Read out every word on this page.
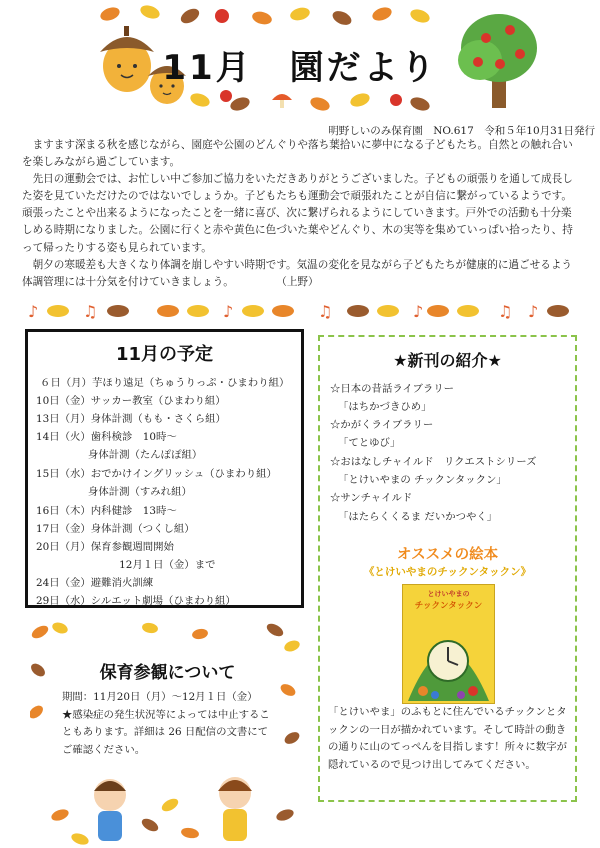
11月　園だより
明野しいのみ保育園　NO.617　令和５年10月31日発行

ますます深まる秋を感じながら、園庭や公園のどんぐりや落ち葉拾いに夢中になる子どもたち。自然との触れ合いを楽しみながら過ごしています。

先日の運動会では、お忙しい中ご参加ご協力をいただきありがとうございました。子どもの頑張りを通して成長した姿を見ていただけたのではないでしょうか。子どもたちも運動会で頑張れたことが自信に繋がっているようです。頑張ったことや出来るようになったことを一緒に喜び、次に繋げられるようにしていきます。戸外での活動も十分楽しめる時期になりました。公園に行くと赤や黄色に色づいた葉やどんぐり、木の実等を集めていっぱい拾ったり、持って帰ったりする姿も見られています。

朝夕の寒暖差も大きくなり体調を崩しやすい時期です。気温の変化を見ながら子どもたちが健康的に過ごせるよう体調管理には十分気を付けていきましょう。　　　　　（上野）

♪	♫	♪	♫	♪	♫ ♪
11月の予定
６日（月）芋ほり遠足（ちゅうりっぷ・ひまわり組）
10日（金）サッカー教室（ひまわり組）
13日（月）身体計測（もも・さくら組）
14日（火）歯科検診　10時～
　　　　　身体計測（たんぽぽ組）
15日（水）おでかけイングリッシュ（ひまわり組）
　　　　　身体計測（すみれ組）
16日（木）内科健診　13時～
17日（金）身体計測（つくし組）
20日（月）保育参観週間開始
　　　　　　　　12月１日（金）まで
24日（金）避難消火訓練
29日（水）シルエット劇場（ひまわり組）
★新刊の紹介★
☆日本の昔話ライブラリー
「はちかづきひめ」
☆かがくライブラリー
「てとゆび」
☆おはなしチャイルド　リクエストシリーズ
「とけいやまの チックンタックン」
☆サンチャイルド
「はたらくくるま だいかつやく」
オススメの絵本
《とけいやまのチックンタックン》
とけいやまの
チックンタックン
「とけいやま」のふもとに住んでいるチックンとタックンの一日が描かれています。そして時計の動きの通りに山のてっぺんを目指します！所々に数字が隠れているので見つけ出してみてください。
保育参観について

期間：11月20日（月）～12月１日（金）

★感染症の発生状況等によっては中止することもあります。詳細は 26 日配信の文書にてご確認ください。
